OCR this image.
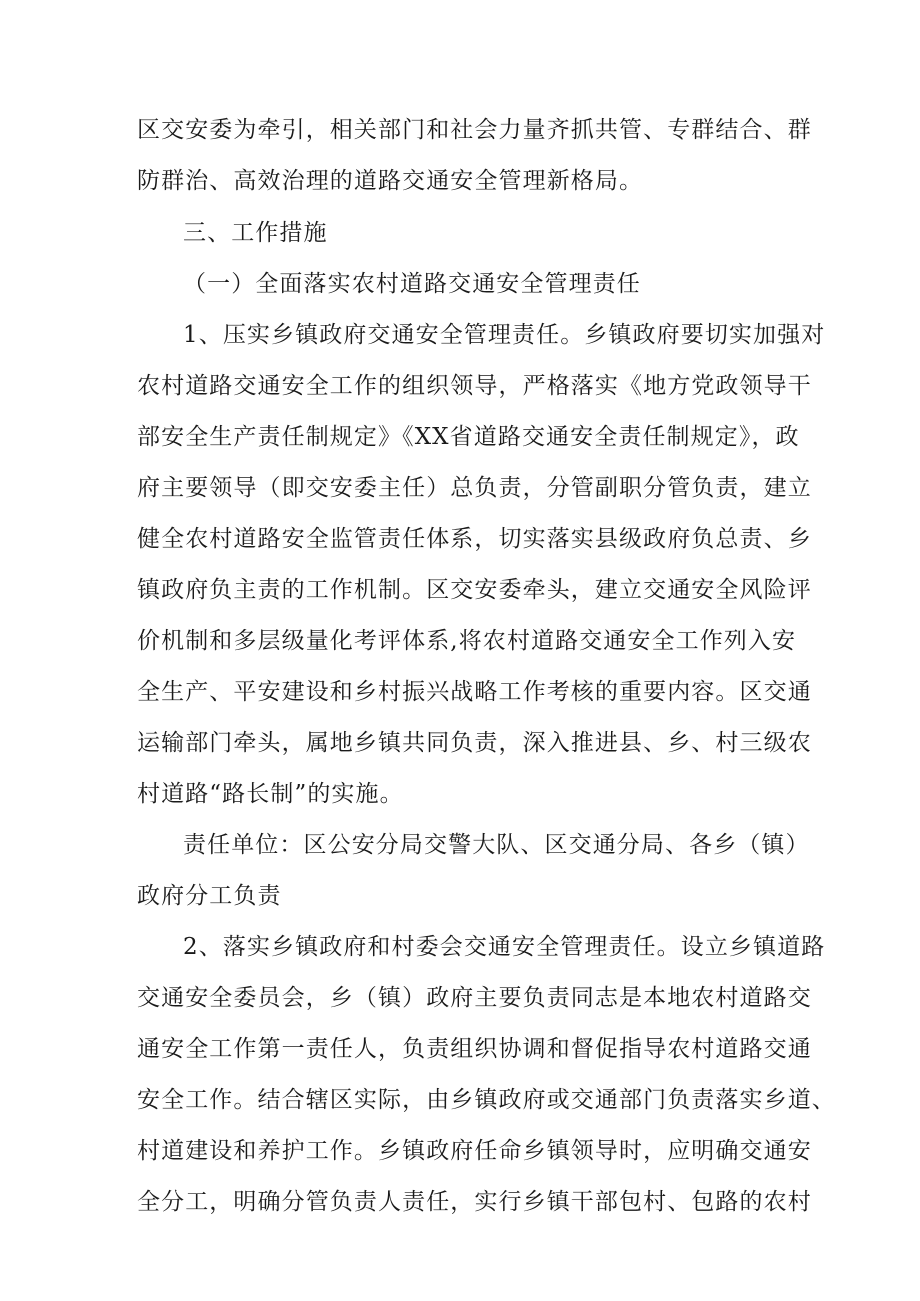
区交安委为牵引，相关部门和社会力量齐抓共管、专群结合、群
防群治、高效治理的道路交通安全管理新格局。
三、工作措施
（一）全面落实农村道路交通安全管理责任
1、压实乡镇政府交通安全管理责任。乡镇政府要切实加强对
农村道路交通安全工作的组织领导，严格落实《地方党政领导干
部安全生产责任制规定》《XX省道路交通安全责任制规定》，政
府主要领导（即交安委主任）总负责，分管副职分管负责，建立
健全农村道路安全监管责任体系，切实落实县级政府负总责、乡
镇政府负主责的工作机制。区交安委牵头，建立交通安全风险评
价机制和多层级量化考评体系,将农村道路交通安全工作列入安
全生产、平安建设和乡村振兴战略工作考核的重要内容。区交通
运输部门牵头，属地乡镇共同负责，深入推进县、乡、村三级农
村道路“路长制”的实施。
责任单位：区公安分局交警大队、区交通分局、各乡（镇）
政府分工负责
2、落实乡镇政府和村委会交通安全管理责任。设立乡镇道路
交通安全委员会，乡（镇）政府主要负责同志是本地农村道路交
通安全工作第一责任人，负责组织协调和督促指导农村道路交通
安全工作。结合辖区实际，由乡镇政府或交通部门负责落实乡道、
村道建设和养护工作。乡镇政府任命乡镇领导时，应明确交通安
全分工，明确分管负责人责任，实行乡镇干部包村、包路的农村
